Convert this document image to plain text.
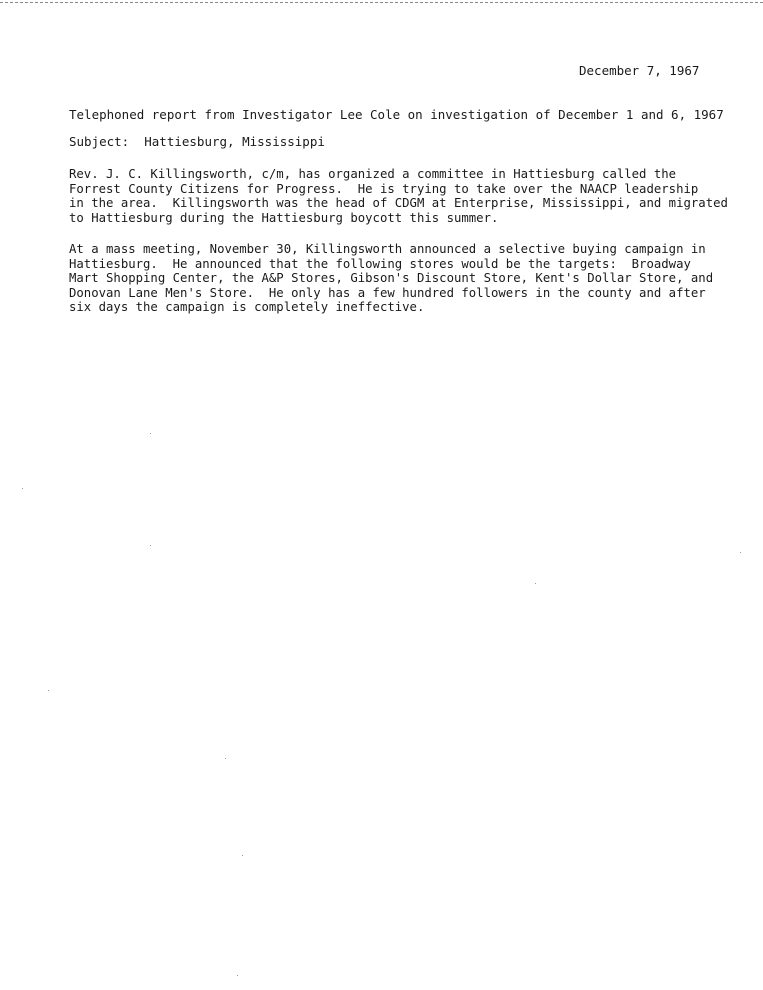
December 7, 1967
Telephoned report from Investigator Lee Cole on investigation of December 1 and 6, 1967
Subject:  Hattiesburg, Mississippi
Rev. J. C. Killingsworth, c/m, has organized a committee in Hattiesburg called the
Forrest County Citizens for Progress.  He is trying to take over the NAACP leadership
in the area.  Killingsworth was the head of CDGM at Enterprise, Mississippi, and migrated
to Hattiesburg during the Hattiesburg boycott this summer.
At a mass meeting, November 30, Killingsworth announced a selective buying campaign in
Hattiesburg.  He announced that the following stores would be the targets:  Broadway
Mart Shopping Center, the A&P Stores, Gibson's Discount Store, Kent's Dollar Store, and
Donovan Lane Men's Store.  He only has a few hundred followers in the county and after
six days the campaign is completely ineffective.
